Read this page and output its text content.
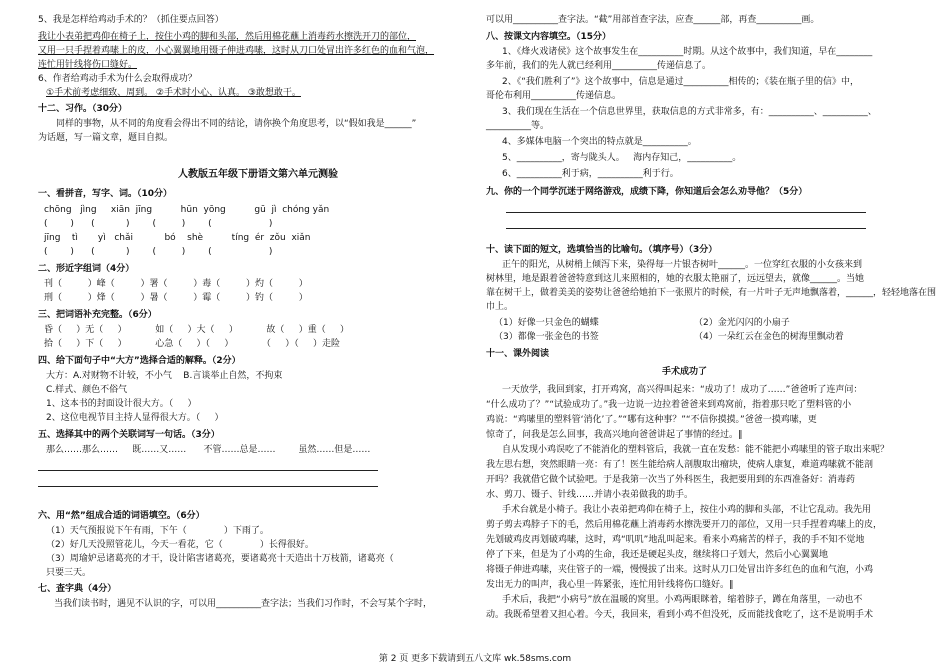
5、我是怎样给鸡动手术的？（抓住要点回答）
我让小表弟把鸡仰在椅子上，按住小鸡的脚和头部，然后用棉花蘸上消毒药水擦洗开刀的部位，
又用一只手捏着鸡嗉上的皮，小心翼翼地用镊子伸进鸡嗉，这时从刀口处冒出许多红色的血和气泡，
连忙用针线将伤口缝好。
6、作者给鸡动手术为什么会取得成功？
①手术前考虑细致、周到。 ②手术时小心、认真。 ③敢想敢干。
十二、习作。（30分）
同样的事物，从不同的角度看会得出不同的结论，请你换个角度思考，以“假如我是______”
为话题，写一篇文章，题目自拟。
人教版五年级下册语文第六单元测验
一、看拼音，写字、词。（10分）
chōng   jìng     xiān  jīng          hūn  yōng          gū  jì  chóng yǎn
(        )      (           )        (         )        (                    )
jīng    tì       yì   chǎi           bó    shè          tíng  ér  zǒu  xiǎn
(        )      (           )        (         )        (                    )
二、形近字组词（4分）
刊（         ）峰（         ）署（         ）毒（         ）灼（         ）
刑（         ）烽（         ）暑（         ）霉（         ）钓（         ）
三、把词语补充完整。（6分）
昏（     ）无（     ）          如（     ）大（     ）          故（     ）重（     ）
拾（     ）下（     ）          心急（     ）（     ）          （     ）（     ）走险
四、给下面句子中“大方”选择合适的解释。（2分）
大方：A.对财物不计较，不小气    B.言谈举止自然，不拘束
C.样式、颜色不俗气
1、这本书的封面设计很大方。（     ）
2、这位电视节目主持人显得很大方。（     ）
五、选择其中的两个关联词写一句话。（3分）
那么……那么……     既……又……      不管……总是……        虽然……但是……
六、用“然”组成合适的词语填空。（6分）
（1）天气预报说下午有雨，下午（             ）下雨了。
（2）好几天没照管花儿，今天一看花，它（             ）长得很好。
（3）周瑜妒忌诸葛亮的才干，设计陷害诸葛亮，要诸葛亮十天造出十万枝箭，诸葛亮（
只要三天。
七、查字典（4分）
当我们读书时，遇见不认识的字，可以用__________查字法；当我们习作时，不会写某个字时，
可以用__________查字法。“截”用部首查字法，应查______部，再查__________画。
八、按课文内容填空。（15分）
1、《烽火戏诸侯》这个故事发生在__________时期。从这个故事中，我们知道，早在________
多年前，我们的先人就已经利用__________传递信息了。
2、《“我们胜利了”》这个故事中，信息是通过__________相传的；《装在瓶子里的信》中，
哥伦布利用__________传递信息。
3、我们现在生活在一个信息世界里，获取信息的方式非常多，有：__________、__________、
__________等。
4、多媒体电脑一个突出的特点就是__________。
5、__________，寄与陇头人。   海内存知己，__________。
6、__________利于病，__________利于行。
九、你的一个同学沉迷于网络游戏，成绩下降，你知道后会怎么劝导他？（5分）
十、读下面的短文，选填恰当的比喻句。（填序号）（3分）
正午的阳光，从树梢上倾泻下来，染得每一片银杏树叶______。一位穿红衣服的小女孩来到
树林里，地是跟着爸爸特意到这儿来照相的，她的衣服太艳丽了，远远望去，就像______。当她
靠在树干上，做着美美的姿势让爸爸给她拍下一张照片的时候，有一片叶子无声地飘落着，______，轻轻地落在围
巾上。
（1）好像一只金色的蝴蝶	（2）金光闪闪的小扇子
（3）都像一张金色的书签	（4）一朵红云在金色的树海里飘动着
十一、课外阅读
手术成功了
一天放学，我回到家，打开鸡窝，高兴得叫起来：“成功了！成功了……”爸爸听了连声问：
“什么成功了？”“试验成功了。”我一边说一边拉着爸爸来到鸡窝前，指着那只吃了塑料管的小
鸡说：“鸡嗉里的塑料管‘消化’了。”“哪有这种事？”“不信你摸摸。”爸爸一摸鸡嗉，更
惊奇了，问我是怎么回事，我高兴地向爸爸讲起了事情的经过。‖
自从发现小鸡误吃了不能消化的塑料管后，我就一直在发愁：能不能把小鸡嗉里的管子取出来呢？
我左思右想，突然眼睛一亮：有了！医生能给病人剖腹取出瘤块，使病人康复，难道鸡嗉就不能剖
开吗？我就借它做个试验吧。于是我第一次当了外科医生，我把要用到的东西准备好：消毒药
水、剪刀、镊子、针线……并请小表弟做我的助手。
手术台就是小椅子。我让小表弟把鸡仰在椅子上，按住小鸡的脚和头部，不让它乱动。我先用
剪子剪去鸡脖子下的毛，然后用棉花蘸上消毒药水擦洗要开刀的部位，又用一只手捏着鸡嗉上的皮，
先划破鸡皮再划破鸡嗉，这时，鸡“叽叽”地乱叫起来。看来小鸡痛苦的样子，我的手不知不觉地
停了下来，但是为了小鸡的生命，我还是硬起头皮，继续将口子划大，然后小心翼翼地
将镊子伸进鸡嗉，夹住管子的一端，慢慢拔了出来。这时从刀口处冒出许多红色的血和气泡，小鸡
发出无力的叫声，我心里一阵紧张，连忙用针线将伤口缝好。‖
手术后，我把“小病号”放在温暖的窝里。小鸡两眼眯着，缩着脖子，蹲在角落里，一动也不
动。我既希望着又担心着。今天，我回来，看到小鸡不但没死，反而能找食吃了，这不是说明手术
第 2 页 更多下载请到五八文库 wk.58sms.com
